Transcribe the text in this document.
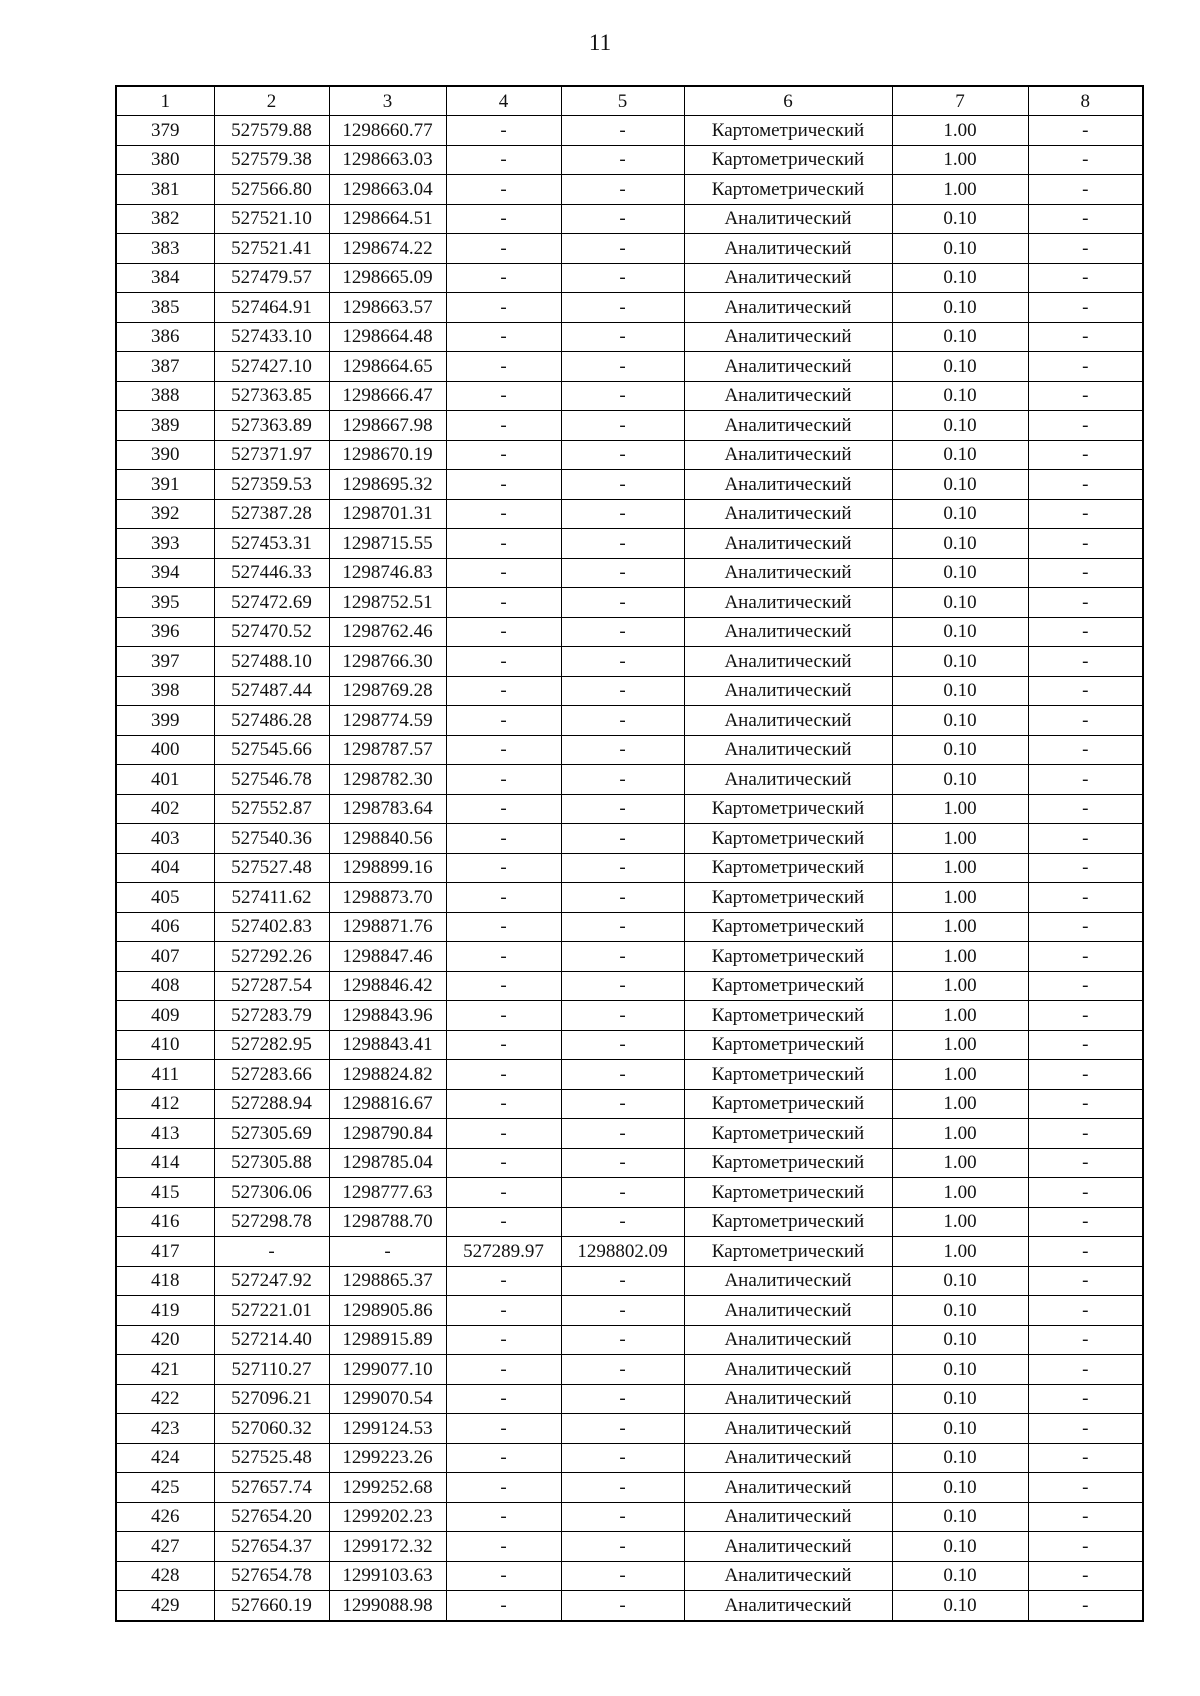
11
1	2	3	4	5	6	7	8
379	527579.88	1298660.77	-	-	Картометрический	1.00	-
380	527579.38	1298663.03	-	-	Картометрический	1.00	-
381	527566.80	1298663.04	-	-	Картометрический	1.00	-
382	527521.10	1298664.51	-	-	Аналитический	0.10	-
383	527521.41	1298674.22	-	-	Аналитический	0.10	-
384	527479.57	1298665.09	-	-	Аналитический	0.10	-
385	527464.91	1298663.57	-	-	Аналитический	0.10	-
386	527433.10	1298664.48	-	-	Аналитический	0.10	-
387	527427.10	1298664.65	-	-	Аналитический	0.10	-
388	527363.85	1298666.47	-	-	Аналитический	0.10	-
389	527363.89	1298667.98	-	-	Аналитический	0.10	-
390	527371.97	1298670.19	-	-	Аналитический	0.10	-
391	527359.53	1298695.32	-	-	Аналитический	0.10	-
392	527387.28	1298701.31	-	-	Аналитический	0.10	-
393	527453.31	1298715.55	-	-	Аналитический	0.10	-
394	527446.33	1298746.83	-	-	Аналитический	0.10	-
395	527472.69	1298752.51	-	-	Аналитический	0.10	-
396	527470.52	1298762.46	-	-	Аналитический	0.10	-
397	527488.10	1298766.30	-	-	Аналитический	0.10	-
398	527487.44	1298769.28	-	-	Аналитический	0.10	-
399	527486.28	1298774.59	-	-	Аналитический	0.10	-
400	527545.66	1298787.57	-	-	Аналитический	0.10	-
401	527546.78	1298782.30	-	-	Аналитический	0.10	-
402	527552.87	1298783.64	-	-	Картометрический	1.00	-
403	527540.36	1298840.56	-	-	Картометрический	1.00	-
404	527527.48	1298899.16	-	-	Картометрический	1.00	-
405	527411.62	1298873.70	-	-	Картометрический	1.00	-
406	527402.83	1298871.76	-	-	Картометрический	1.00	-
407	527292.26	1298847.46	-	-	Картометрический	1.00	-
408	527287.54	1298846.42	-	-	Картометрический	1.00	-
409	527283.79	1298843.96	-	-	Картометрический	1.00	-
410	527282.95	1298843.41	-	-	Картометрический	1.00	-
411	527283.66	1298824.82	-	-	Картометрический	1.00	-
412	527288.94	1298816.67	-	-	Картометрический	1.00	-
413	527305.69	1298790.84	-	-	Картометрический	1.00	-
414	527305.88	1298785.04	-	-	Картометрический	1.00	-
415	527306.06	1298777.63	-	-	Картометрический	1.00	-
416	527298.78	1298788.70	-	-	Картометрический	1.00	-
417	-	-	527289.97	1298802.09	Картометрический	1.00	-
418	527247.92	1298865.37	-	-	Аналитический	0.10	-
419	527221.01	1298905.86	-	-	Аналитический	0.10	-
420	527214.40	1298915.89	-	-	Аналитический	0.10	-
421	527110.27	1299077.10	-	-	Аналитический	0.10	-
422	527096.21	1299070.54	-	-	Аналитический	0.10	-
423	527060.32	1299124.53	-	-	Аналитический	0.10	-
424	527525.48	1299223.26	-	-	Аналитический	0.10	-
425	527657.74	1299252.68	-	-	Аналитический	0.10	-
426	527654.20	1299202.23	-	-	Аналитический	0.10	-
427	527654.37	1299172.32	-	-	Аналитический	0.10	-
428	527654.78	1299103.63	-	-	Аналитический	0.10	-
429	527660.19	1299088.98	-	-	Аналитический	0.10	-
